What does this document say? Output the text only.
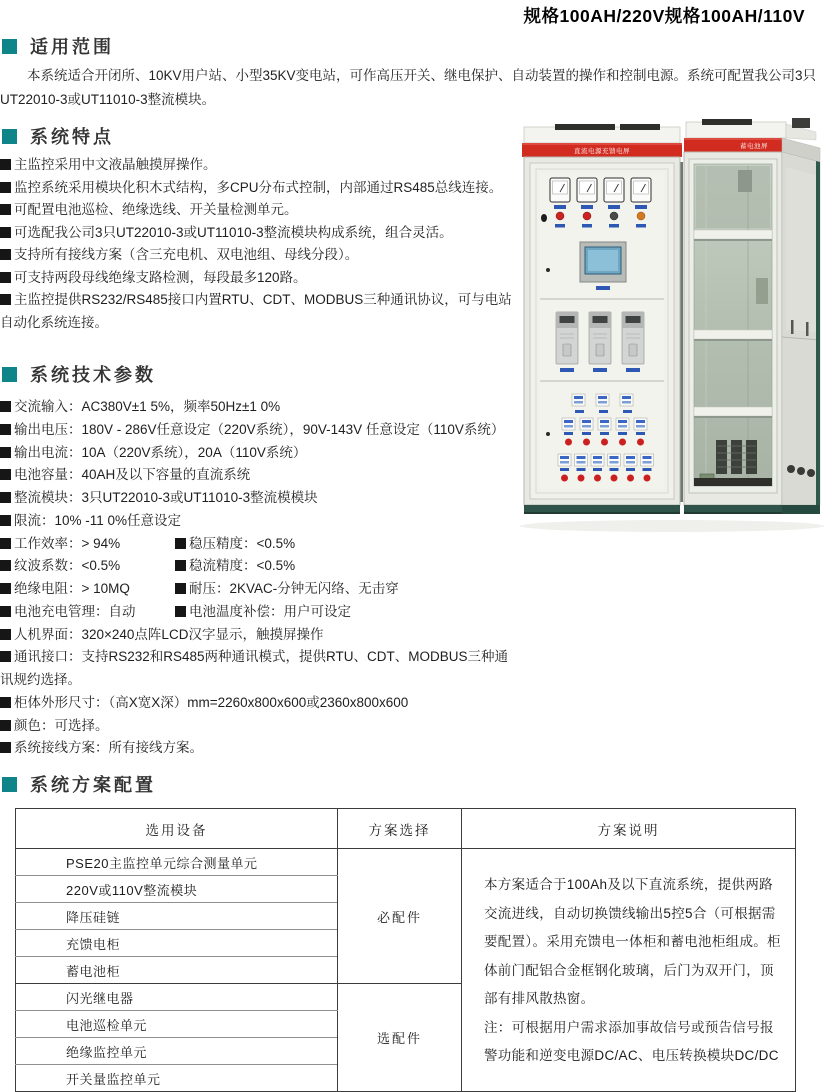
规格100AH/220V规格100AH/110V
适用范围

本系统适合开闭所、10KV用户站、小型35KV变电站，可作高压开关、继电保护、自动装置的操作和控制电源。系统可配置我公司3只UT22010-3或UT11010-3整流模块。

系统特点
主监控采用中文液晶触摸屏操作。
监控系统采用模块化积木式结构，多CPU分布式控制，内部通过RS485总线连接。
可配置电池巡检、绝缘选线、开关量检测单元。
可选配我公司3只UT22010-3或UT11010-3整流模块构成系统，组合灵活。
支持所有接线方案（含三充电机、双电池组、母线分段）。
可支持两段母线绝缘支路检测，每段最多120路。
主监控提供RS232/RS485接口内置RTU、CDT、MODBUS三种通讯协议，可与电站自动化系统连接。
系统技术参数
交流输入：AC380V±1 5%，频率50Hz±1 0%
输出电压：180V - 286V任意设定（220V系统），90V-143V 任意设定（110V系统）
输出电流：10A（220V系统），20A（110V系统）
电池容量：40AH及以下容量的直流系统
整流模块：3只UT22010-3或UT11010-3整流模模块
限流：10% -11 0%任意设定
工作效率：> 94%	稳压精度：<0.5%
纹波系数：<0.5%	稳流精度：<0.5%
绝缘电阻：> 10MQ	耐压：2KVAC-分钟无闪络、无击穿
电池充电管理：自动	电池温度补偿：用户可设定
人机界面：320×240点阵LCD汉字显示，触摸屏操作
通讯接口：支持RS232和RS485两种通讯模式，提供RTU、CDT、MODBUS三种通讯规约选择。
柜体外形尺寸：（高X宽X深）mm=2260x800x600或2360x800x600
颜色：可选择。
系统接线方案：所有接线方案。
系统方案配置
选用设备	方案选择	方案说明
PSE20主监控单元综合测量单元	必配件	本方案适合于100Ah及以下直流系统，提供两路交流进线，自动切换馈线输出5控5合（可根据需要配置）。采用充馈电一体柜和蓄电池柜组成。柜体前门配铝合金框钢化玻璃，后门为双开门，顶部有排风散热窗。

注：可根据用户需求添加事故信号或预告信号报警功能和逆变电源DC/AC、电压转换模块DC/DC

220V或110V整流模块		
降压硅链		
充馈电柜		
蓄电池柜		
闪光继电器	选配件	
电池巡检单元		
绝缘监控单元		
开关量监控单元		
直流电源充馈电屏
蓄电池屏
